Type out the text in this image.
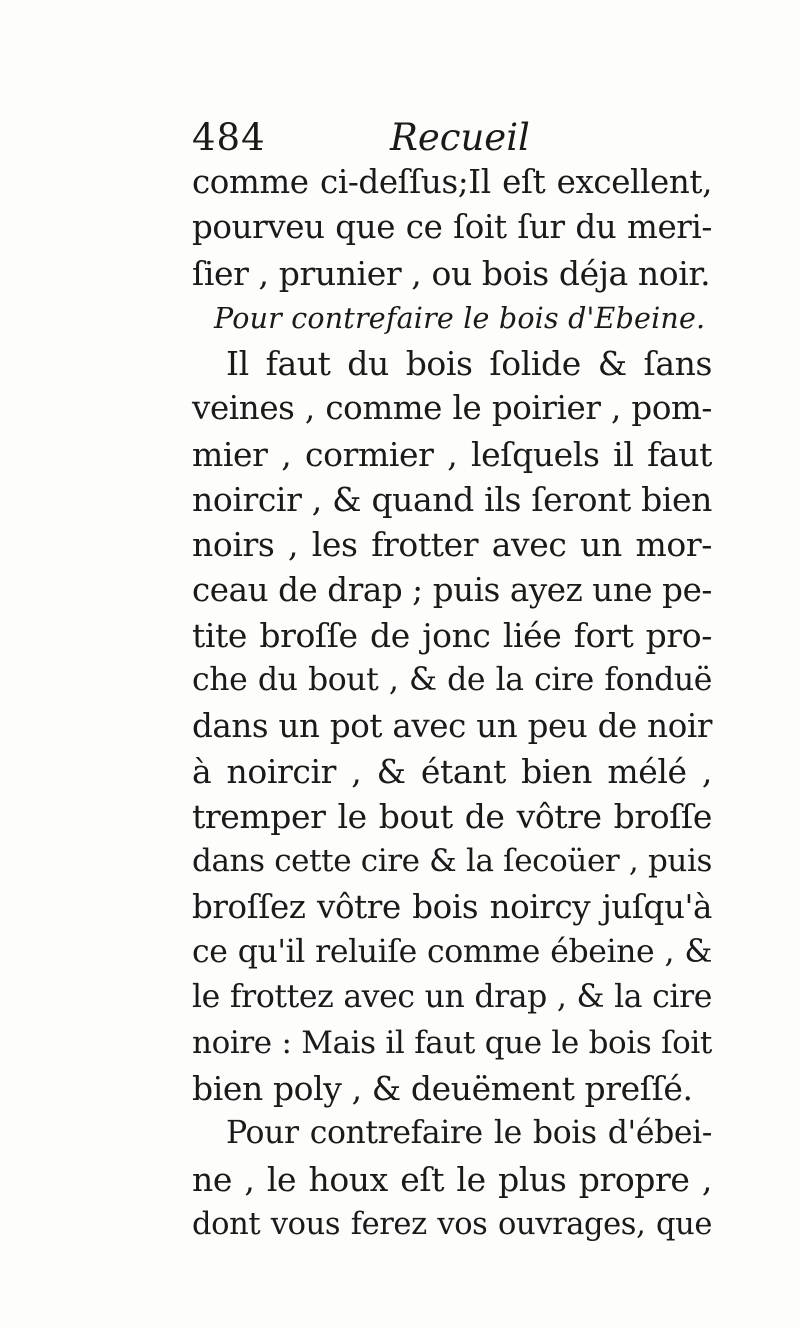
484	Recueil
comme ci-deſſus;Il eſt excellent,
pourveu que ce ſoit ſur du meri-
ſier , prunier , ou bois déja noir.
Pour contrefaire le bois d'Ebeine.
Il faut du bois ſolide & ſans
veines , comme le poirier , pom-
mier , cormier , leſquels il faut
noircir , & quand ils ſeront bien
noirs , les frotter avec un mor-
ceau de drap ; puis ayez une pe-
tite broſſe de jonc liée fort pro-
che du bout , & de la cire fonduë
dans un pot avec un peu de noir
à noircir , & étant bien mélé ,
tremper le bout de vôtre broſſe
dans cette cire & la ſecoüer , puis
broſſez vôtre bois noircy juſqu'à
ce qu'il reluiſe comme ébeine , &
le frottez avec un drap , & la cire
noire : Mais il faut que le bois ſoit
bien poly , & deuëment preſſé.
Pour contrefaire le bois d'ébei-
ne , le houx eſt le plus propre ,
dont vous ferez vos ouvrages, que
